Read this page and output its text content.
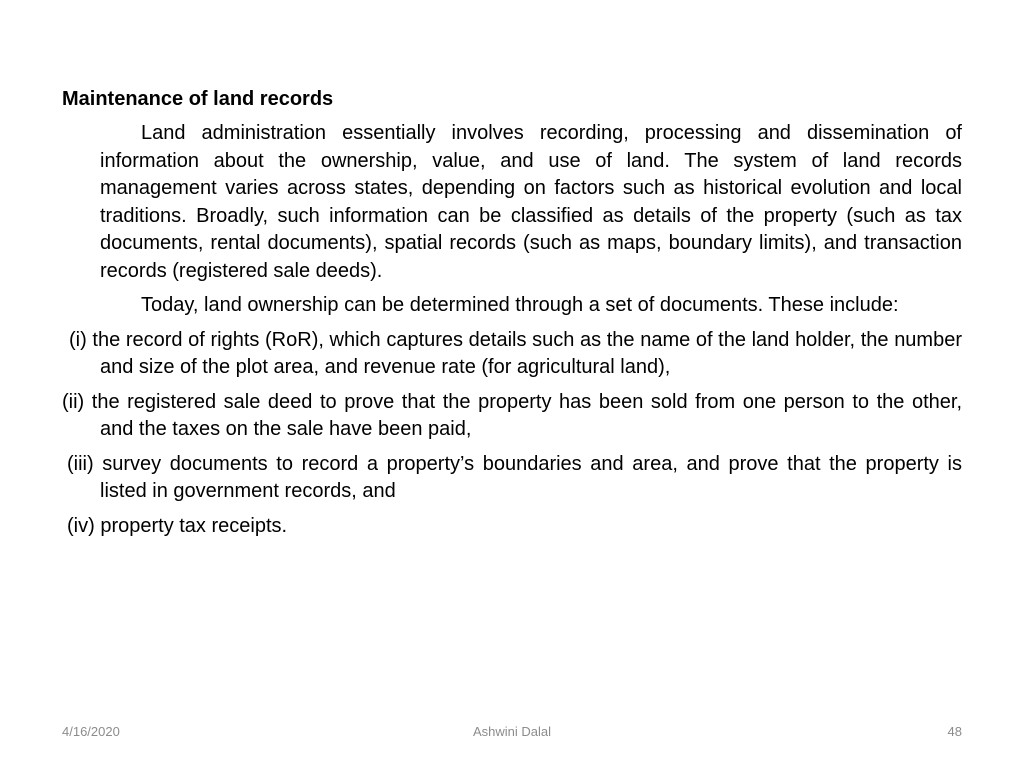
Maintenance of land records

Land administration essentially involves recording, processing and dissemination of information about the ownership, value, and use of land. The system of land records management varies across states, depending on factors such as historical evolution and local traditions. Broadly, such information can be classified as details of the property (such as tax documents, rental documents), spatial records (such as maps, boundary limits), and transaction records (registered sale deeds).

Today, land ownership can be determined through a set of documents. These include:

(i) the record of rights (RoR), which captures details such as the name of the land holder, the number and size of the plot area, and revenue rate (for agricultural land),

(ii) the registered sale deed to prove that the property has been sold from one person to the other, and the taxes on the sale have been paid,

(iii) survey documents to record a property’s boundaries and area, and prove that the property is listed in government records, and

(iv) property tax receipts.

4/16/2020	Ashwini Dalal	48
